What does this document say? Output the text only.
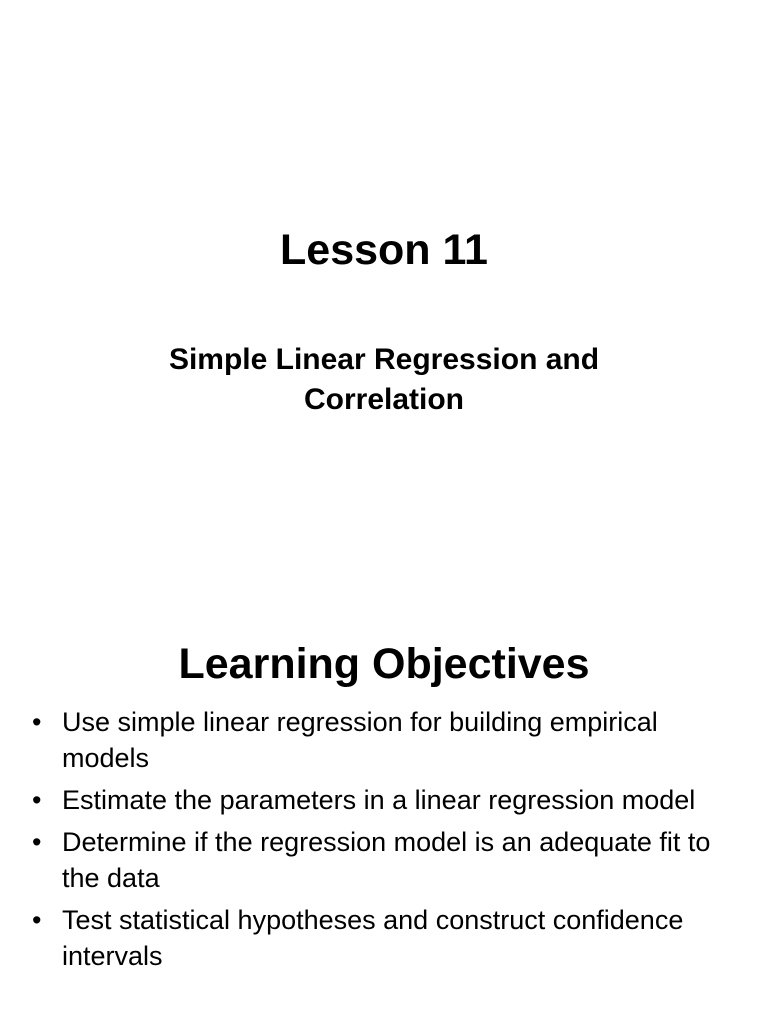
Lesson 11
Simple Linear Regression and Correlation
Learning Objectives
• Use simple linear regression for building empirical models
• Estimate the parameters in a linear regression model
• Determine if the regression model is an adequate fit to the data
• Test statistical hypotheses and construct confidence intervals
